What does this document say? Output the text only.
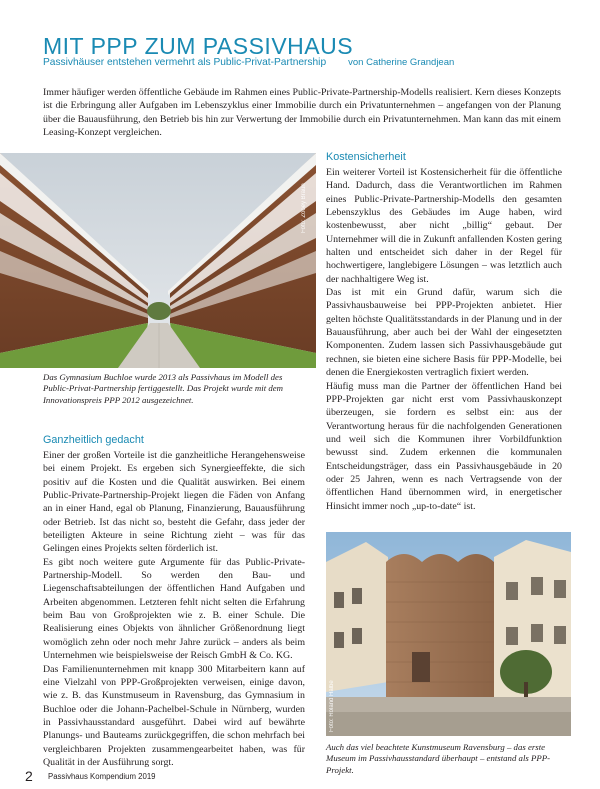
MIT PPP ZUM PASSIVHAUS
Passivhäuser entstehen vermehrt als Public-Privat-Partnership von Catherine Grandjean
Immer häufiger werden öffentliche Gebäude im Rahmen eines Public-Private-Partnership-Modells realisiert. Kern dieses Konzepts ist die Erbringung aller Aufgaben im Lebenszyklus einer Immobilie durch ein Privatunternehmen – angefangen von der Planung über die Bauausführung, den Betrieb bis hin zur Verwertung der Immobilie durch ein Privatunternehmen. Man kann das mit einem Leasing-Konzept vergleichen.
Foto: Zooey Braun
Das Gymnasium Buchloe wurde 2013 als Passivhaus im Modell des Public-Privat-Partnership fertiggestellt. Das Projekt wurde mit dem Innovationspreis PPP 2012 ausgezeichnet.
Ganzheitlich gedacht

Einer der großen Vorteile ist die ganzheitliche Herangehensweise bei einem Projekt. Es ergeben sich Synergieeffekte, die sich positiv auf die Kosten und die Qualität auswirken. Bei einem Public-Private-Partnership-Projekt liegen die Fäden von Anfang an in einer Hand, egal ob Planung, Finanzierung, Bauausführung oder Betrieb. Ist das nicht so, besteht die Gefahr, dass jeder der beteiligten Akteure in seine Richtung zieht – was für das Gelingen eines Projekts selten förderlich ist.

Es gibt noch weitere gute Argumente für das Public-Private-Partnership-Modell. So werden den Bau- und Liegenschaftsabteilungen der öffentlichen Hand Aufgaben und Arbeiten abgenommen. Letzteren fehlt nicht selten die Erfahrung beim Bau von Großprojekten wie z. B. einer Schule. Die Realisierung eines Objekts von ähnlicher Größenordnung liegt womöglich zehn oder noch mehr Jahre zurück – anders als beim Unternehmen wie beispielsweise der Reisch GmbH & Co. KG.

Das Familienunternehmen mit knapp 300 Mitarbeitern kann auf eine Vielzahl von PPP-Großprojekten verweisen, einige davon, wie z. B. das Kunstmuseum in Ravensburg, das Gymnasium in Buchloe oder die Johann-Pachelbel-Schule in Nürnberg, wurden in Passivhausstandard ausgeführt. Dabei wird auf bewährte Planungs- und Bauteams zurückgegriffen, die schon mehrfach bei vergleichbaren Projekten zusammengearbeitet haben, was für Qualität in der Ausführung sorgt.

Kostensicherheit

Ein weiterer Vorteil ist Kostensicherheit für die öffentliche Hand. Dadurch, dass die Verantwortlichen im Rahmen eines Public-Private-Partnership-Modells den gesamten Lebenszyklus des Gebäudes im Auge haben, wird kostenbewusst, aber nicht „billig“ gebaut. Der Unternehmer will die in Zukunft anfallenden Kosten gering halten und entscheidet sich daher in der Regel für hochwertigere, langlebigere Lösungen – was letztlich auch der nachhaltigere Weg ist.

Das ist mit ein Grund dafür, warum sich die Passivhausbauweise bei PPP-Projekten anbietet. Hier gelten höchste Qualitätsstandards in der Planung und in der Bauausführung, aber auch bei der Wahl der eingesetzten Komponenten. Zudem lassen sich Passivhausgebäude gut rechnen, sie bieten eine sichere Basis für PPP-Modelle, bei denen die Energiekosten vertraglich fixiert werden.

Häufig muss man die Partner der öffentlichen Hand bei PPP-Projekten gar nicht erst vom Passivhauskonzept überzeugen, sie fordern es selbst ein: aus der Verantwortung heraus für die nachfolgenden Generationen und weil sich die Kommunen ihrer Vorbildfunktion bewusst sind. Zudem erkennen die kommunalen Entscheidungsträger, dass ein Passivhausgebäude in 20 oder 25 Jahren, wenn es nach Vertragsende von der öffentlichen Hand übernommen wird, in energetischer Hinsicht immer noch „up-to-date“ ist.

Foto: Roland Halbe
Auch das viel beachtete Kunstmuseum Ravensburg – das erste Museum im Passivhausstandard überhaupt – entstand als PPP-Projekt.
2 Passivhaus Kompendium 2019
